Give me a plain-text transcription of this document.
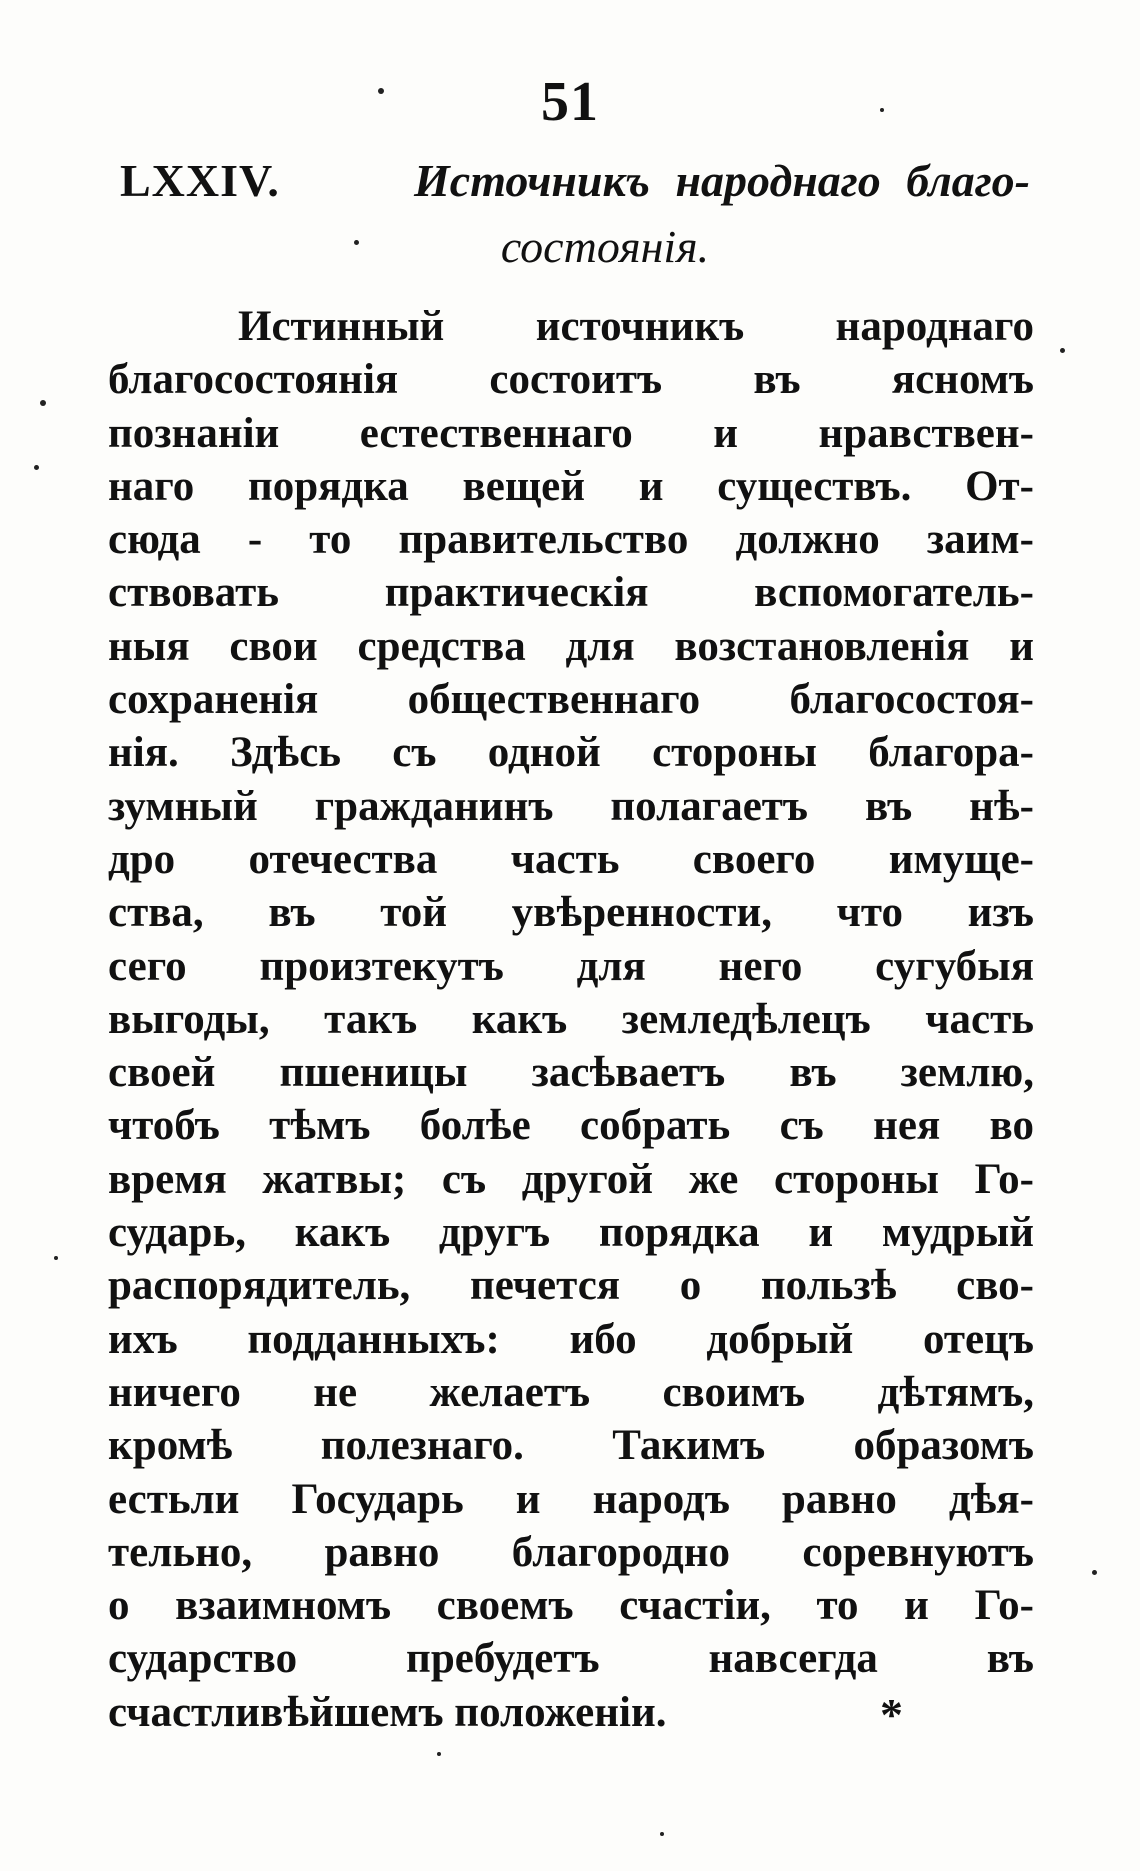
51
LXXIV.	Источникъ народнаго благо-
состоянія.
Истинный источникъ народнаго
благосостоянія состоитъ въ ясномъ
познаніи естественнаго и нравствен-
наго порядка вещей и существъ. От-
сюда - то правительство должно заим-
ствовать практическія вспомогатель-
ныя свои средства для возстановленія и
сохраненія общественнаго благосостоя-
нія. Здѣсь съ одной стороны благора-
зумный гражданинъ полагаетъ въ нѣ-
дро отечества часть своего имуще-
ства, въ той увѣренности, что изъ
сего произтекутъ для него сугубыя
выгоды, такъ какъ земледѣлецъ часть
своей пшеницы засѣваетъ въ землю,
чтобъ тѣмъ болѣе собрать съ нея во
время жатвы; съ другой же стороны Го-
сударь, какъ другъ порядка и мудрый
распорядитель, печется о пользѣ сво-
ихъ подданныхъ: ибо добрый отецъ
ничего не желаетъ своимъ дѣтямъ,
кромѣ полезнаго. Такимъ образомъ
естьли Государь и народъ равно дѣя-
тельно, равно благородно соревнуютъ
о взаимномъ своемъ счастіи, то и Го-
сударство пребудетъ навсегда въ
счастливѣйшемъ положеніи.	*
